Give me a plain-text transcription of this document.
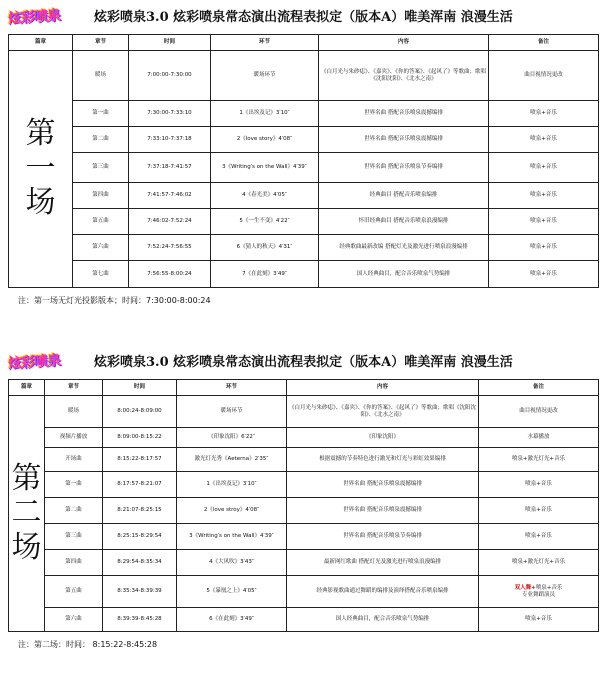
炫彩喷泉	炫彩喷泉3.0 炫彩喷泉常态演出流程表拟定（版本A）唯美浑南 浪漫生活
篇章	章节	时间	环节	内容	备注
第一场	暖场	7:00:00-7:30:00	暖场环节	《白月光与朱砂痣》、《嘉宾》、《你的答案》、《起风了》等歌曲；歌唱《沈阳沈阳》、《北水之南》	曲目视情况更改
	第一曲	7:30:00-7:33:10	1《出埃及记》3′10″	世界名曲 搭配音乐喷泉震撼编排	喷泉+音乐
	第二曲	7:33:10-7:37:18	2《love story》4′08″	世界名曲 搭配音乐喷泉震撼编排	喷泉+音乐
	第三曲	7:37:18-7:41:57	3《Writing′s on the Wall》4′39″	世界名曲 搭配音乐喷泉节奏编排	喷泉+音乐
	第四曲	7:41:57-7:46:02	4《春光美》4′05″	经典曲目 搭配音乐喷泉编排	喷泉+音乐
	第五曲	7:46:02-7:52:24	5《一生不变》4′22″	怀旧经典曲目 搭配音乐喷泉浪漫编排	喷泉+音乐
	第六曲	7:52:24-7:56:55	6《猜人的秋天》4′31″	经典歌曲最新改编 搭配灯光及激光进行喷泉浪漫编排	喷泉+音乐
	第七曲	7:56:55-8:00:24	7《在此刻》3′49″	国人经典曲目，配合音乐喷泉气势编排	喷泉+音乐
注：第一场无灯光投影版本；时间：7:30:00-8:00:24
炫彩喷泉	炫彩喷泉3.0 炫彩喷泉常态演出流程表拟定（版本A）唯美浑南 浪漫生活
篇章	章节	时间	环节	内容	备注
第二场	暖场	8:00:24-8:09:00	暖场环节	《白月光与朱砂痣》、《嘉宾》、《你的答案》、《起风了》等歌曲；歌唱《沈阳沈阳》、《北水之南》	曲目视情况更改
	视频片播放	8:09:00-8:15:22	《印象沈阳》6′22″	《印象沈阳》	水幕播放
	开场曲	8:15:22-8:17:57	激光灯光秀《Aeterna》2′35″	根据震撼的节奏特色进行激光和灯光与彩虹效果编排	喷泉+激光灯光+音乐
	第一曲	8:17:57-8:21:07	1《出埃及记》3′10″	世界名曲 搭配音乐喷泉震撼编排	喷泉+音乐
	第二曲	8:21:07-8:25:15	2《love stroy》4′08″	世界名曲 搭配音乐喷泉震撼编排	喷泉+音乐
	第三曲	8:25:15-8:29:54	3《Writing′s on the Wall》4′39″	世界名曲 搭配音乐喷泉节奏编排	喷泉+音乐
	第四曲	8:29:54-8:35:34	4《大风吹》3′43″	最新网红歌曲 搭配灯光及激光进行喷泉浪漫编排	喷泉+激光灯光+音乐
	第五曲	8:35:34-8:39:39	5《暴凰之上》4′05″	经典影视歌曲通过舞蹈的编排及演绎搭配音乐喷泉编排	双人舞+喷泉+音乐
专业舞蹈演员
	第六曲	8:39:39-8:45:28	6《在此刻》3′49″	国人经典曲目，配合音乐喷泉气势编排	喷泉+音乐
注：第二场：时间： 8:15:22-8:45:28
